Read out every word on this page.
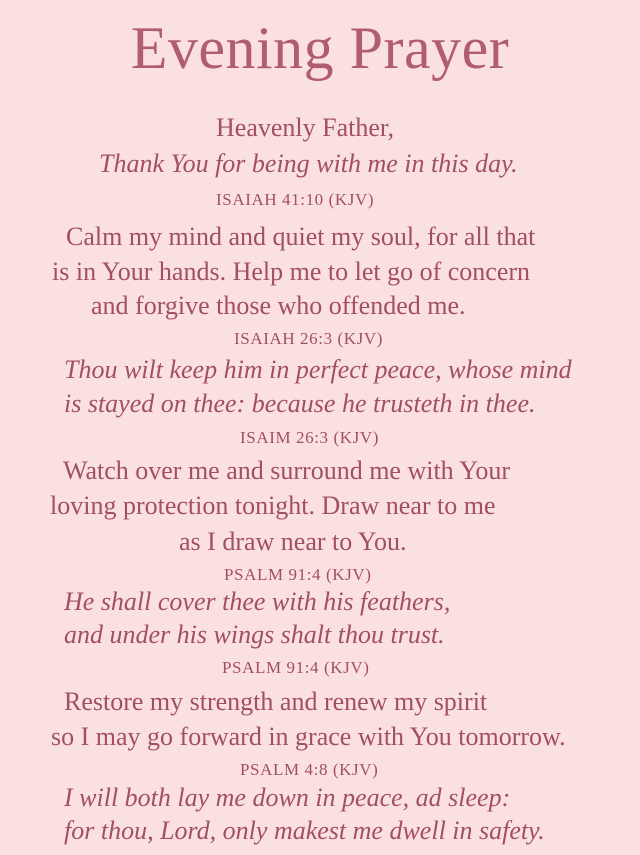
Evening Prayer
Heavenly Father,
Thank You for being with me in this day.
ISAIAH 41:10 (KJV)
Calm my mind and quiet my soul, for all that
is in Your hands. Help me to let go of concern
and forgive those who offended me.
ISAIAH 26:3 (KJV)
Thou wilt keep him in perfect peace, whose mind
is stayed on thee: because he trusteth in thee.
ISAIM 26:3 (KJV)
Watch over me and surround me with Your
loving protection tonight. Draw near to me
as I draw near to You.
PSALM 91:4 (KJV)
He shall cover thee with his feathers,
and under his wings shalt thou trust.
PSALM 91:4 (KJV)
Restore my strength and renew my spirit
so I may go forward in grace with You tomorrow.
PSALM 4:8 (KJV)
I will both lay me down in peace, ad sleep:
for thou, Lord, only makest me dwell in safety.
